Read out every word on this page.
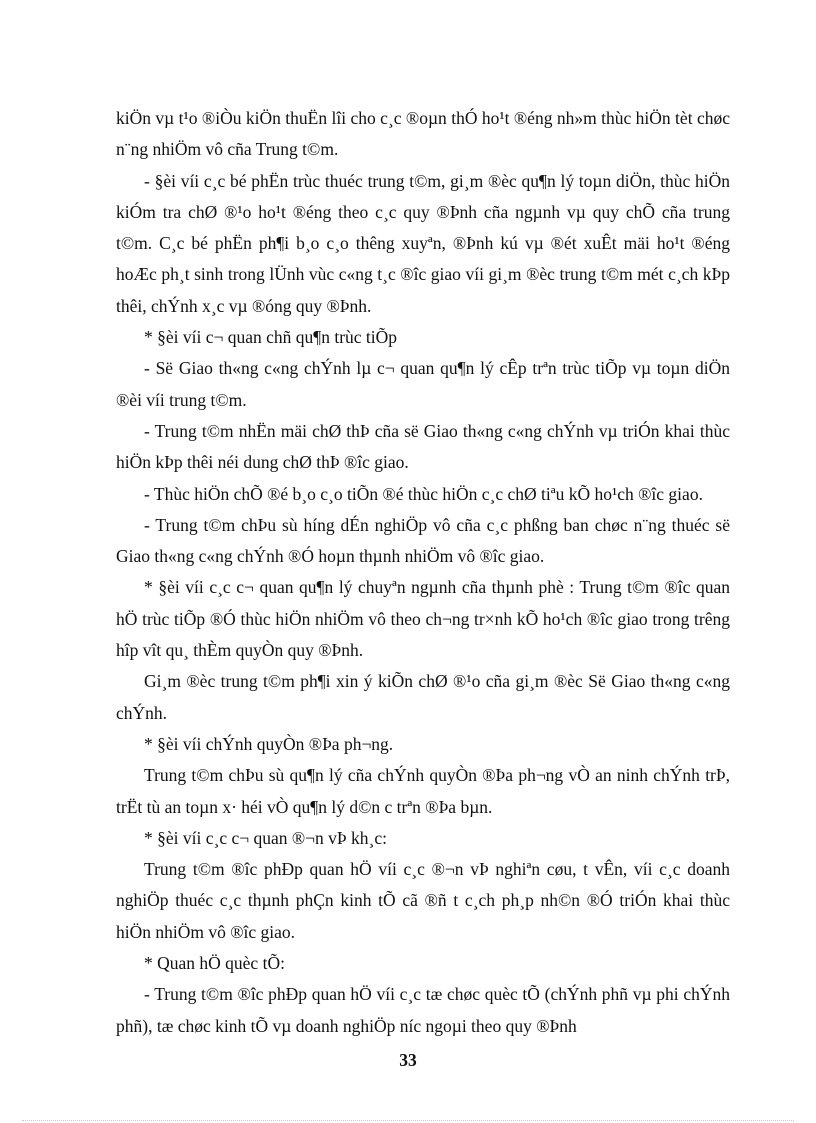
kiÖn vµ t¹o ®iÒu kiÖn thuËn lîi cho c¸c ®oµn thÓ ho¹t ®éng nh»m thùc hiÖn tèt chøc n¨ng nhiÖm vô cña Trung t©m.

- §èi víi c¸c bé phËn trùc thuéc trung t©m, gi¸m ®èc qu¶n lý toµn diÖn, thùc hiÖn kiÓm tra chØ ®¹o ho¹t ®éng theo c¸c quy ®Þnh cña ngµnh vµ quy chÕ cña trung t©m. C¸c bé phËn ph¶i b¸o c¸o thêng xuyªn, ®Þnh kú vµ ®ét xuÊt mäi ho¹t ®éng hoÆc ph¸t sinh trong lÜnh vùc c«ng t¸c ®îc giao víi gi¸m ®èc trung t©m mét c¸ch kÞp thêi, chÝnh x¸c vµ ®óng quy ®Þnh.

* §èi víi c¬ quan chñ qu¶n trùc tiÕp

- Së Giao th«ng c«ng chÝnh lµ c¬ quan qu¶n lý cÊp trªn trùc tiÕp vµ toµn diÖn ®èi víi trung t©m.

- Trung t©m nhËn mäi chØ thÞ cña së Giao th«ng c«ng chÝnh vµ triÓn khai thùc hiÖn kÞp thêi néi dung chØ thÞ ®îc giao.

- Thùc hiÖn chÕ ®é b¸o c¸o tiÕn ®é thùc hiÖn c¸c chØ tiªu kÕ ho¹ch ®îc giao.

- Trung t©m chÞu sù híng dÉn nghiÖp vô cña c¸c phßng ban chøc n¨ng thuéc së Giao th«ng c«ng chÝnh ®Ó hoµn thµnh nhiÖm vô ®îc giao.

* §èi víi c¸c c¬ quan qu¶n lý chuyªn ngµnh cña thµnh phè : Trung t©m ®îc quan hÖ trùc tiÕp ®Ó thùc hiÖn nhiÖm vô theo ch¬ng tr×nh kÕ ho¹ch ®îc giao trong trêng hîp vît qu¸ thÈm quyÒn quy ®Þnh.

Gi¸m ®èc trung t©m ph¶i xin ý kiÕn chØ ®¹o cña gi¸m ®èc Së Giao th«ng c«ng chÝnh.

* §èi víi chÝnh quyÒn ®Þa ph¬ng.

Trung t©m chÞu sù qu¶n lý cña chÝnh quyÒn ®Þa ph¬ng vÒ an ninh chÝnh trÞ, trËt tù an toµn x· héi vÒ qu¶n lý d©n c trªn ®Þa bµn.

* §èi víi c¸c c¬ quan ®¬n vÞ kh¸c:

Trung t©m ®îc phÐp quan hÖ víi c¸c ®¬n vÞ nghiªn cøu, t vÊn, víi c¸c doanh nghiÖp thuéc c¸c thµnh phÇn kinh tÕ cã ®ñ t c¸ch ph¸p nh©n ®Ó triÓn khai thùc hiÖn nhiÖm vô ®îc giao.

* Quan hÖ quèc tÕ:

- Trung t©m ®îc phÐp quan hÖ víi c¸c tæ chøc quèc tÕ (chÝnh phñ vµ phi chÝnh phñ), tæ chøc kinh tÕ vµ doanh nghiÖp níc ngoµi theo quy ®Þnh

33
